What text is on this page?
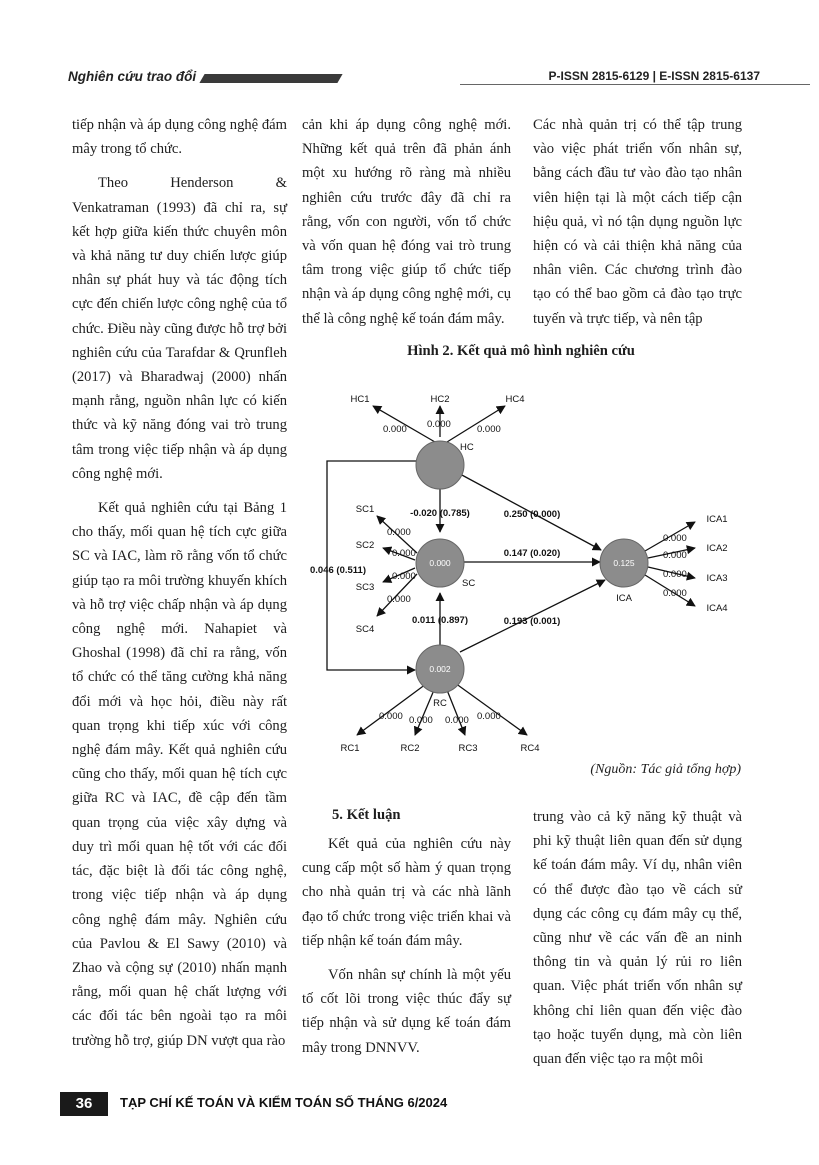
Nghiên cứu trao đổi	P-ISSN 2815-6129 | E-ISSN 2815-6137

tiếp nhận và áp dụng công nghệ đám mây trong tổ chức.

Theo Henderson & Venkatraman (1993) đã chỉ ra, sự kết hợp giữa kiến thức chuyên môn và khả năng tư duy chiến lược giúp nhân sự phát huy và tác động tích cực đến chiến lược công nghệ của tổ chức. Điều này cũng được hỗ trợ bởi nghiên cứu của Tarafdar & Qrunfleh (2017) và Bharadwaj (2000) nhấn mạnh rằng, nguồn nhân lực có kiến thức và kỹ năng đóng vai trò trung tâm trong việc tiếp nhận và áp dụng công nghệ mới.

Kết quả nghiên cứu tại Bảng 1 cho thấy, mối quan hệ tích cực giữa SC và IAC, làm rõ rằng vốn tổ chức giúp tạo ra môi trường khuyến khích và hỗ trợ việc chấp nhận và áp dụng công nghệ mới. Nahapiet và Ghoshal (1998) đã chỉ ra rằng, vốn tổ chức có thể tăng cường khả năng đổi mới và học hỏi, điều này rất quan trọng khi tiếp xúc với công nghệ đám mây. Kết quả nghiên cứu cũng cho thấy, mối quan hệ tích cực giữa RC và IAC, đề cập đến tầm quan trọng của việc xây dựng và duy trì mối quan hệ tốt với các đối tác, đặc biệt là đối tác công nghệ, trong việc tiếp nhận và áp dụng công nghệ đám mây. Nghiên cứu của Pavlou & El Sawy (2010) và Zhao và cộng sự (2010) nhấn mạnh rằng, mối quan hệ chất lượng với các đối tác bên ngoài tạo ra môi trường hỗ trợ, giúp DN vượt qua rào

cản khi áp dụng công nghệ mới. Những kết quả trên đã phản ánh một xu hướng rõ ràng mà nhiều nghiên cứu trước đây đã chỉ ra rằng, vốn con người, vốn tổ chức và vốn quan hệ đóng vai trò trung tâm trong việc giúp tổ chức tiếp nhận và áp dụng công nghệ mới, cụ thể là công nghệ kế toán đám mây.

Các nhà quản trị có thể tập trung vào việc phát triển vốn nhân sự, bằng cách đầu tư vào đào tạo nhân viên hiện tại là một cách tiếp cận hiệu quả, vì nó tận dụng nguồn lực hiện có và cải thiện khả năng của nhân viên. Các chương trình đào tạo có thể bao gồm cả đào tạo trực tuyến và trực tiếp, và nên tập

Hình 2. Kết quả mô hình nghiên cứu
HC
0.000
SC
0.125
ICA
0.002
RC
HC1	HC2	HC4
SC1
SC2
SC3
SC4
ICA1
ICA2
ICA3
ICA4
RC1	RC2	RC3	RC4
0.000 0.000	0.000
0.000
0.000
0.000
0.000
0.000
0.000
0.000
0.000
0.000 0.000 0.000 0.000
-0.020 (0.785)	0.250 (0.000)
0.147 (0.020)
0.011 (0.897)	0.193 (0.001)
0.046 (0.511)
(Nguồn: Tác giả tổng hợp)
5. Kết luận

Kết quả của nghiên cứu này cung cấp một số hàm ý quan trọng cho nhà quản trị và các nhà lãnh đạo tổ chức trong việc triển khai và tiếp nhận kế toán đám mây.

Vốn nhân sự chính là một yếu tố cốt lõi trong việc thúc đẩy sự tiếp nhận và sử dụng kế toán đám mây trong DNNVV.

trung vào cả kỹ năng kỹ thuật và phi kỹ thuật liên quan đến sử dụng kế toán đám mây. Ví dụ, nhân viên có thể được đào tạo về cách sử dụng các công cụ đám mây cụ thể, cũng như về các vấn đề an ninh thông tin và quản lý rủi ro liên quan. Việc phát triển vốn nhân sự không chỉ liên quan đến việc đào tạo hoặc tuyển dụng, mà còn liên quan đến việc tạo ra một môi

36	TẠP CHÍ KẾ TOÁN VÀ KIỂM TOÁN SỐ THÁNG 6/2024
